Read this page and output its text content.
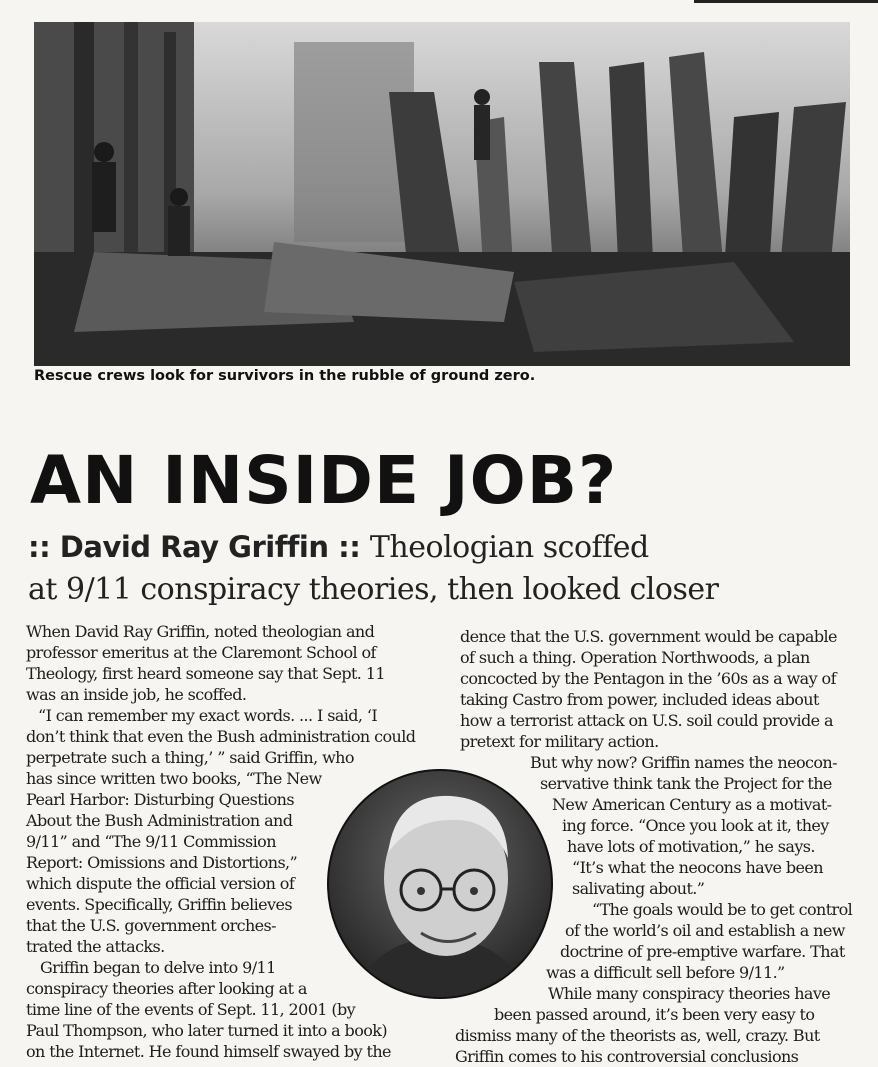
Rescue crews look for survivors in the rubble of ground zero.
AN INSIDE JOB?
:: David Ray Griffin :: Theologian scoffed
at 9/11 conspiracy theories, then looked closer
When David Ray Griffin, noted theologian and
professor emeritus at the Claremont School of
Theology, first heard someone say that Sept. 11
was an inside job, he scoffed.
“I can remember my exact words. ... I said, ‘I
don’t think that even the Bush administration could
perpetrate such a thing,’ ” said Griffin, who
has since written two books, “The New
Pearl Harbor: Disturbing Questions
About the Bush Administration and
9/11” and “The 9/11 Commission
Report: Omissions and Distortions,”
which dispute the official version of
events. Specifically, Griffin believes
that the U.S. government orches-
trated the attacks.
Griffin began to delve into 9/11
conspiracy theories after looking at a
time line of the events of Sept. 11, 2001 (by
Paul Thompson, who later turned it into a book)
on the Internet. He found himself swayed by the
dence that the U.S. government would be capable
of such a thing. Operation Northwoods, a plan
concocted by the Pentagon in the ’60s as a way of
taking Castro from power, included ideas about
how a terrorist attack on U.S. soil could provide a
pretext for military action.
But why now? Griffin names the neocon-
servative think tank the Project for the
New American Century as a motivat-
ing force. “Once you look at it, they
have lots of motivation,” he says.
“It’s what the neocons have been
salivating about.”
“The goals would be to get control
of the world’s oil and establish a new
doctrine of pre-emptive warfare. That
was a difficult sell before 9/11.”
While many conspiracy theories have
been passed around, it’s been very easy to
dismiss many of the theorists as, well, crazy. But
Griffin comes to his controversial conclusions
